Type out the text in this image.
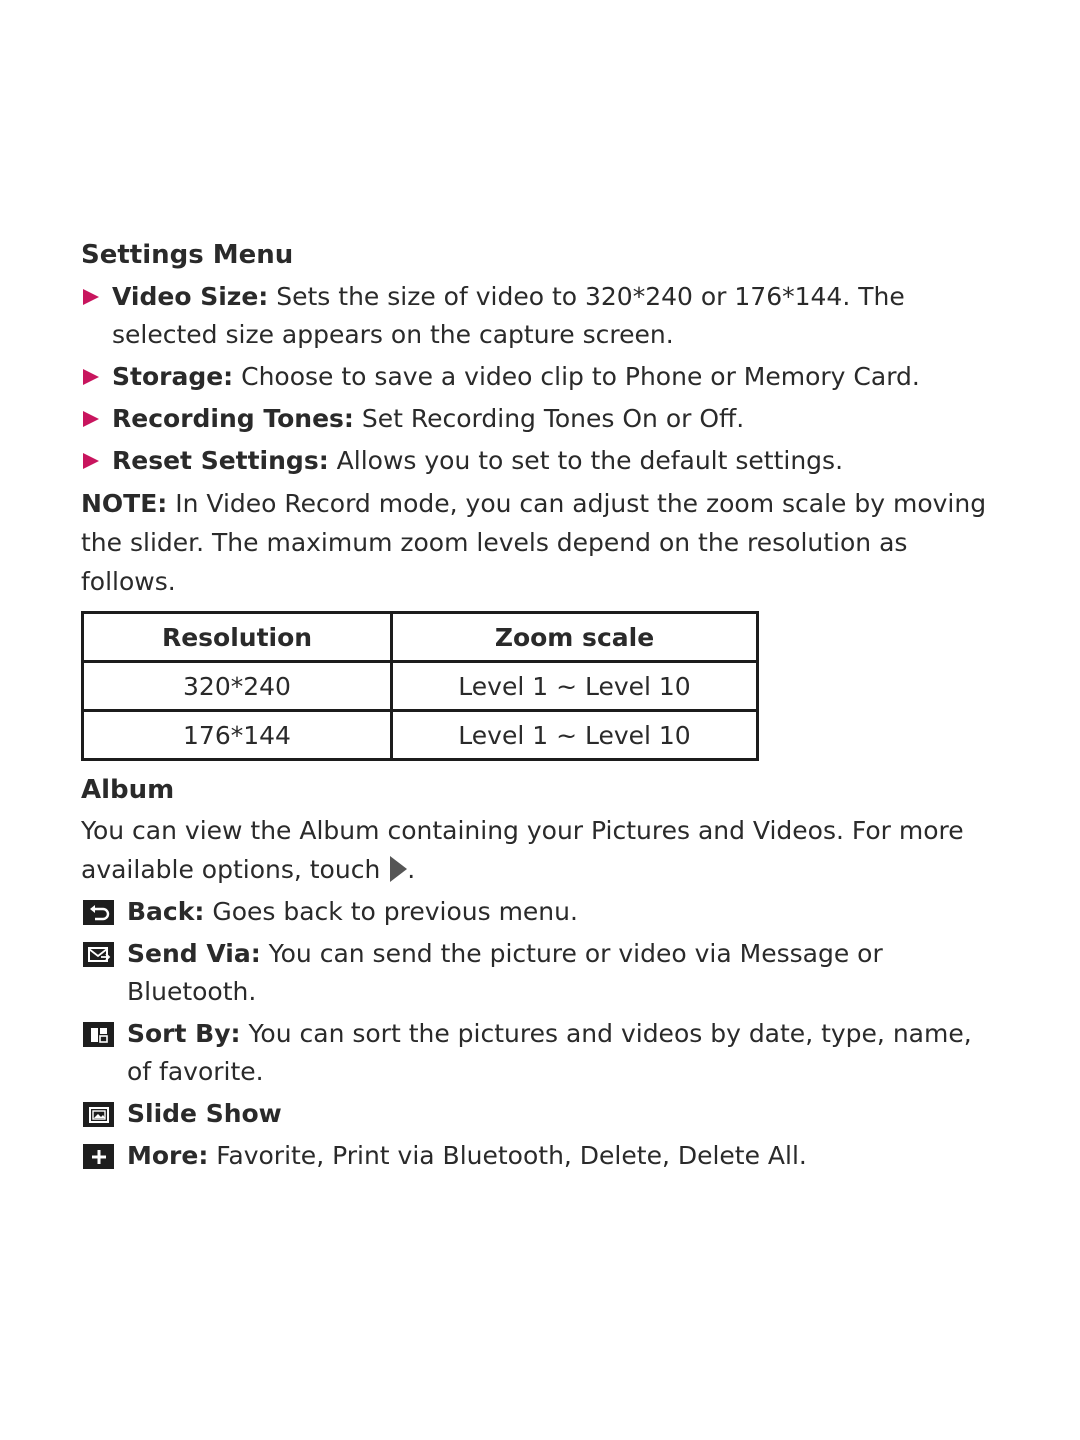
Settings Menu
Video Size: Sets the size of video to 320*240 or 176*144. The selected size appears on the capture screen.
Storage: Choose to save a video clip to Phone or Memory Card.
Recording Tones: Set Recording Tones On or Off.
Reset Settings: Allows you to set to the default settings.

NOTE: In Video Record mode, you can adjust the zoom scale by moving the slider. The maximum zoom levels depend on the resolution as follows.

Resolution	Zoom scale
320*240	Level 1 ~ Level 10
176*144	Level 1 ~ Level 10
Album

You can view the Album containing your Pictures and Videos. For more available options, touch .

Back: Goes back to previous menu.
Send Via: You can send the picture or video via Message or Bluetooth.
Sort By: You can sort the pictures and videos by date, type, name, of favorite.
Slide Show
More: Favorite, Print via Bluetooth, Delete, Delete All.
